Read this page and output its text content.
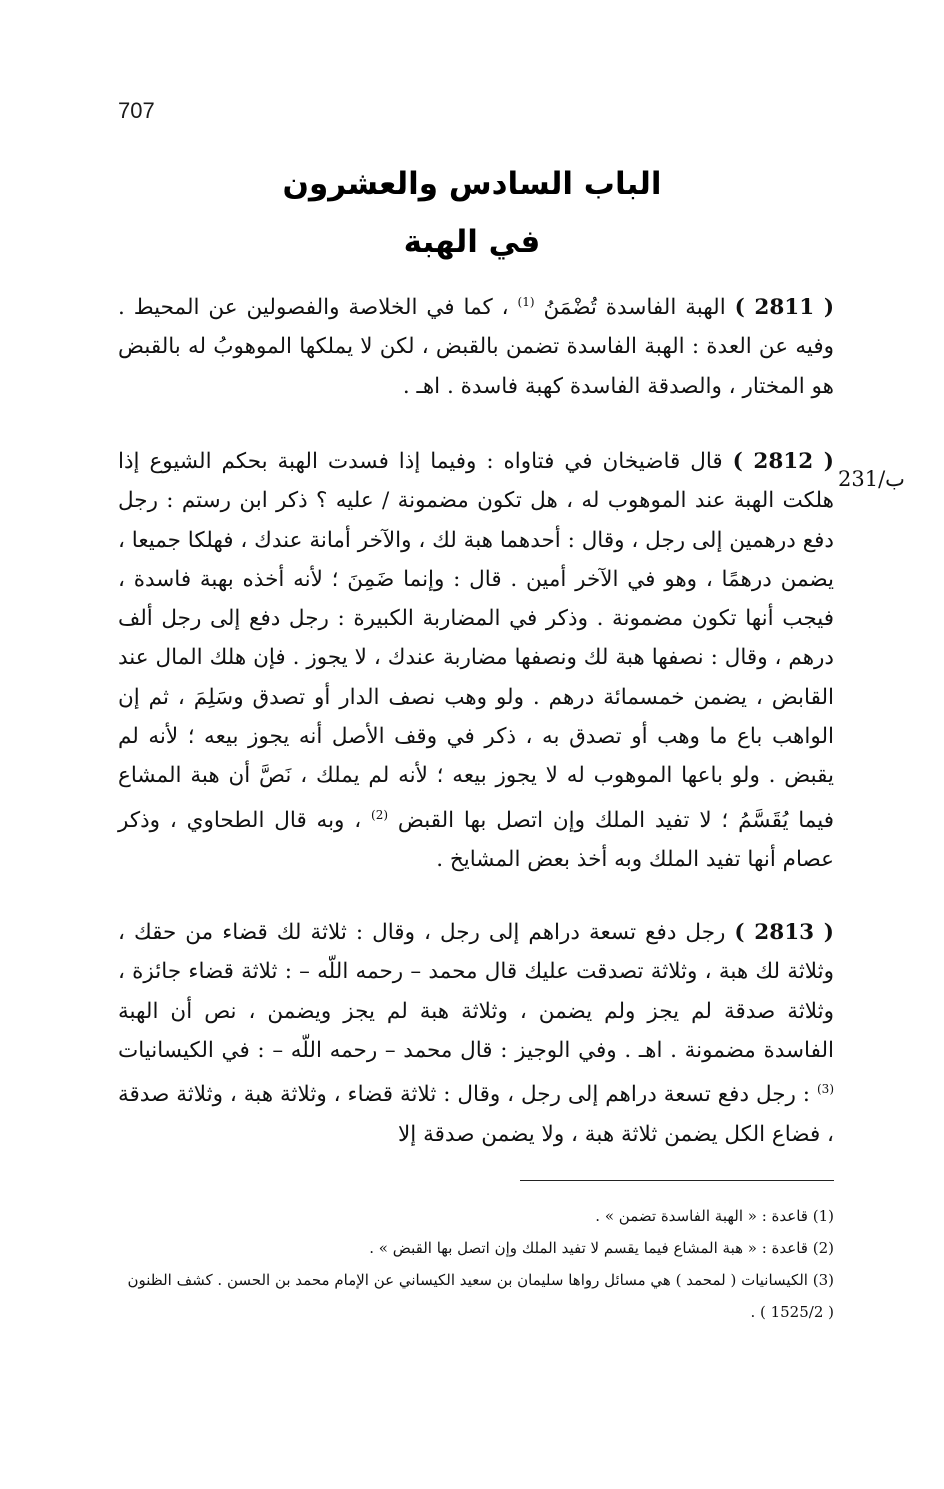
707
الباب السادس والعشرون
في الهبة
231/ب

( 2811 ) الهبة الفاسدة تُضْمَنُ $^{(1)}$ ، كما في الخلاصة والفصولين عن المحيط . وفيه عن العدة : الهبة الفاسدة تضمن بالقبض ، لكن لا يملكها الموهوبُ له بالقبض هو المختار ، والصدقة الفاسدة كهبة فاسدة . اهـ .

( 2812 ) قال قاضيخان في فتاواه : وفيما إذا فسدت الهبة بحكم الشيوع إذا هلكت الهبة عند الموهوب له ، هل تكون مضمونة / عليه ؟ ذكر ابن رستم : رجل دفع درهمين إلى رجل ، وقال : أحدهما هبة لك ، والآخر أمانة عندك ، فهلكا جميعا ، يضمن درهمًا ، وهو في الآخر أمين . قال : وإنما ضَمِنَ ؛ لأنه أخذه بهبة فاسدة ، فيجب أنها تكون مضمونة . وذكر في المضاربة الكبيرة : رجل دفع إلى رجل ألف درهم ، وقال : نصفها هبة لك ونصفها مضاربة عندك ، لا يجوز . فإن هلك المال عند القابض ، يضمن خمسمائة درهم . ولو وهب نصف الدار أو تصدق وسَلِمَ ، ثم إن الواهب باع ما وهب أو تصدق به ، ذكر في وقف الأصل أنه يجوز بيعه ؛ لأنه لم يقبض . ولو باعها الموهوب له لا يجوز بيعه ؛ لأنه لم يملك ، نَصَّ أن هبة المشاع فيما يُقَسَّمُ ؛ لا تفيد الملك وإن اتصل بها القبض $^{(2)}$ ، وبه قال الطحاوي ، وذكر عصام أنها تفيد الملك وبه أخذ بعض المشايخ .

( 2813 ) رجل دفع تسعة دراهم إلى رجل ، وقال : ثلاثة لك قضاء من حقك ، وثلاثة لك هبة ، وثلاثة تصدقت عليك قال محمد – رحمه اللّه – : ثلاثة قضاء جائزة ، وثلاثة صدقة لم يجز ولم يضمن ، وثلاثة هبة لم يجز ويضمن ، نص أن الهبة الفاسدة مضمونة . اهـ . وفي الوجيز : قال محمد – رحمه اللّه – : في الكيسانيات $^{(3)}$ : رجل دفع تسعة دراهم إلى رجل ، وقال : ثلاثة قضاء ، وثلاثة هبة ، وثلاثة صدقة ، فضاع الكل يضمن ثلاثة هبة ، ولا يضمن صدقة إلا

(1) قاعدة : « الهبة الفاسدة تضمن » .

(2) قاعدة : « هبة المشاع فيما يقسم لا تفيد الملك وإن اتصل بها القبض » .

(3) الكيسانيات ( لمحمد ) هي مسائل رواها سليمان بن سعيد الكيساني عن الإمام محمد بن الحسن . كشف الظنون ( 1525/2 ) .
